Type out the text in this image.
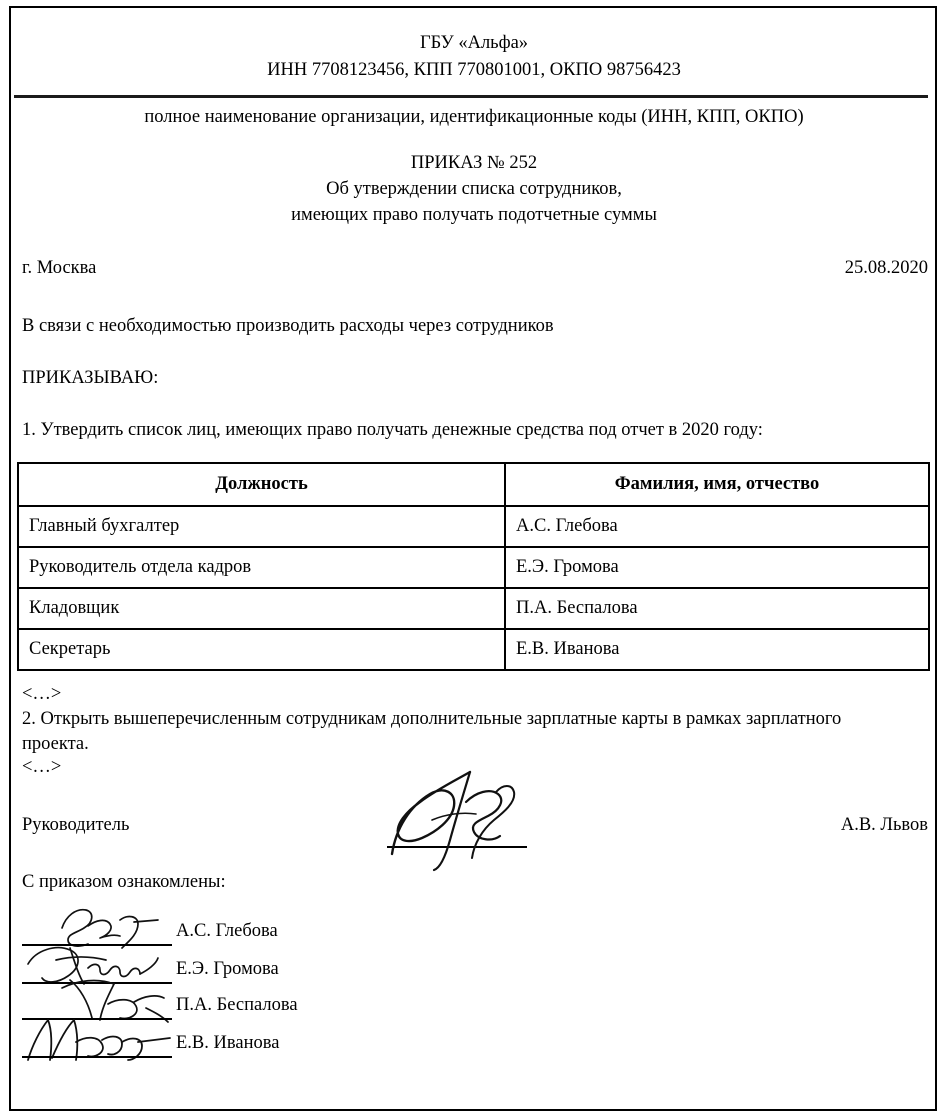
ГБУ «Альфа»
ИНН 7708123456, КПП 770801001, ОКПО 98756423
полное наименование организации, идентификационные коды (ИНН, КПП, ОКПО)
ПРИКАЗ № 252
Об утверждении списка сотрудников,
имеющих право получать подотчетные суммы
г. Москва	25.08.2020
В связи с необходимостью производить расходы через сотрудников
ПРИКАЗЫВАЮ:
1. Утвердить список лиц, имеющих право получать денежные средства под отчет в 2020 году:
Должность	Фамилия, имя, отчество
Главный бухгалтер	А.С. Глебова
Руководитель отдела кадров	Е.Э. Громова
Кладовщик	П.А. Беспалова
Секретарь	Е.В. Иванова
<…>
2. Открыть вышеперечисленным сотрудникам дополнительные зарплатные карты в рамках зарплатного проекта.
<…>
Руководитель	А.В. Львов
С приказом ознакомлены:
А.С. Глебова
Е.Э. Громова
П.А. Беспалова
Е.В. Иванова
